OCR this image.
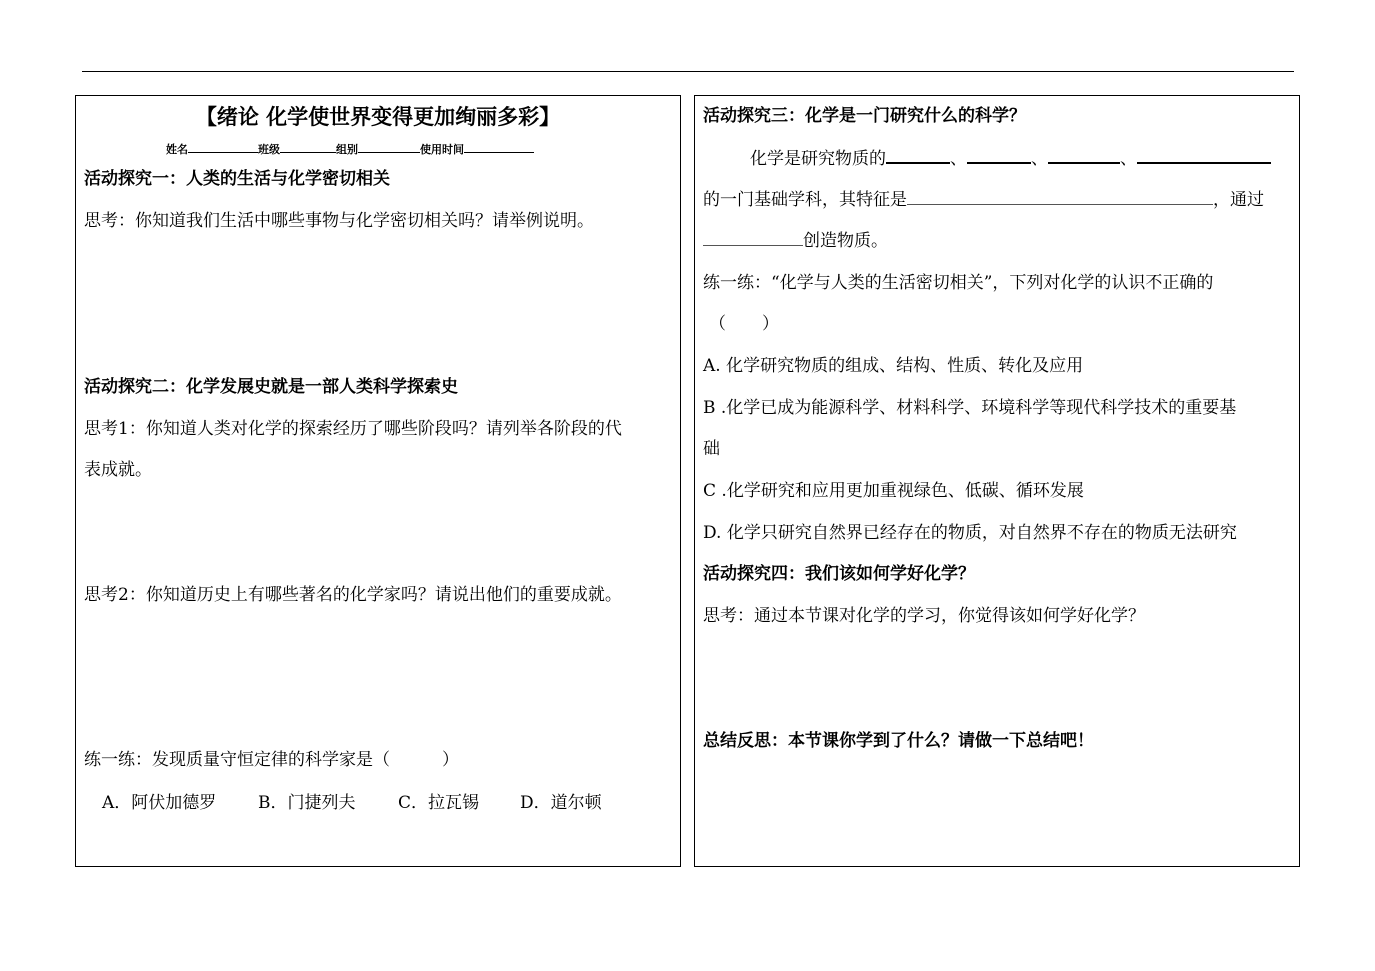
【绪论 化学使世界变得更加绚丽多彩】
姓名	班级	组别	使用时间
活动探究一：人类的生活与化学密切相关
思考：你知道我们生活中哪些事物与化学密切相关吗？请举例说明。
活动探究二：化学发展史就是一部人类科学探索史
思考1：你知道人类对化学的探索经历了哪些阶段吗？请列举各阶段的代
表成就。
思考2：你知道历史上有哪些著名的化学家吗？请说出他们的重要成就。
练一练：发现质量守恒定律的科学家是（	）
A．阿伏加德罗 B．门捷列夫	C．拉瓦锡 D．道尔顿
活动探究三：化学是一门研究什么的科学？
化学是研究物质的	、	、	、
的一门基础学科，其特征是	，通过
创造物质。
练一练：“化学与人类的生活密切相关”，下列对化学的认识不正确的
（ ）
A. 化学研究物质的组成、结构、性质、转化及应用
B .化学已成为能源科学、材料科学、环境科学等现代科学技术的重要基
础
C .化学研究和应用更加重视绿色、低碳、循环发展
D. 化学只研究自然界已经存在的物质，对自然界不存在的物质无法研究
活动探究四：我们该如何学好化学？
思考：通过本节课对化学的学习，你觉得该如何学好化学？
总结反思：本节课你学到了什么？请做一下总结吧！
